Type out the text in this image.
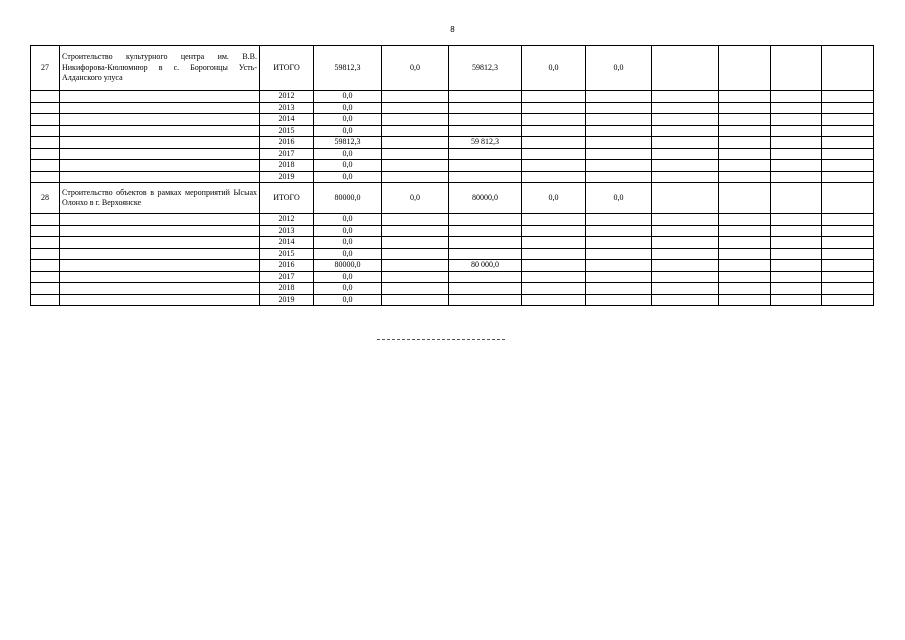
8
27	Строительство культурного центра им. В.В. Никифорова-Кюлюмнюр в с. Борогонцы Усть-Алданского улуса	ИТОГО	59812,3	0,0	59812,3	0,0	0,0				
		2012	0,0								
		2013	0,0								
		2014	0,0								
		2015	0,0								
		2016	59812,3		59 812,3						
		2017	0,0								
		2018	0,0								
		2019	0,0								
28	Строительство объектов в рамках мероприятий Ысыах Олонхо в г. Верхоянске	ИТОГО	80000,0	0,0	80000,0	0,0	0,0				
		2012	0,0								
		2013	0,0								
		2014	0,0								
		2015	0,0								
		2016	80000,0		80 000,0						
		2017	0,0								
		2018	0,0								
		2019	0,0								
